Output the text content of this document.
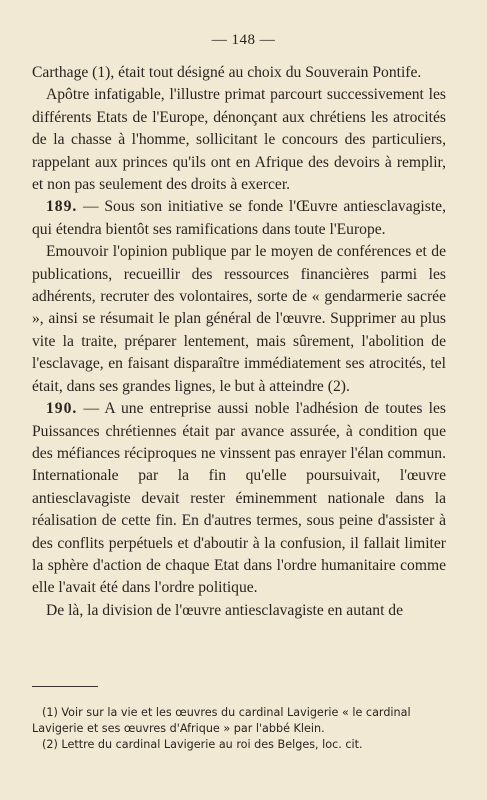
— 148 —

Carthage (1), était tout désigné au choix du Souverain Pontife.

Apôtre infatigable, l'illustre primat parcourt successivement les différents Etats de l'Europe, dénonçant aux chrétiens les atrocités de la chasse à l'homme, sollicitant le concours des particuliers, rappelant aux princes qu'ils ont en Afrique des devoirs à remplir, et non pas seulement des droits à exercer.

189. — Sous son initiative se fonde l'Œuvre antiesclavagiste, qui étendra bientôt ses ramifications dans toute l'Europe.

Emouvoir l'opinion publique par le moyen de conférences et de publications, recueillir des ressources financières parmi les adhérents, recruter des volontaires, sorte de « gendarmerie sacrée », ainsi se résumait le plan général de l'œuvre. Supprimer au plus vite la traite, préparer lentement, mais sûrement, l'abolition de l'esclavage, en faisant disparaître immédiatement ses atrocités, tel était, dans ses grandes lignes, le but à atteindre (2).

190. — A une entreprise aussi noble l'adhésion de toutes les Puissances chrétiennes était par avance assurée, à condition que des méfiances réciproques ne vinssent pas enrayer l'élan commun. Internationale par la fin qu'elle poursuivait, l'œuvre antiesclavagiste devait rester éminemment nationale dans la réalisation de cette fin. En d'autres termes, sous peine d'assister à des conflits perpétuels et d'aboutir à la confusion, il fallait limiter la sphère d'action de chaque Etat dans l'ordre humanitaire comme elle l'avait été dans l'ordre politique.

De là, la division de l'œuvre antiesclavagiste en autant de

(1) Voir sur la vie et les œuvres du cardinal Lavigerie « le cardinal
Lavigerie et ses œuvres d'Afrique » par l'abbé Klein.

(2) Lettre du cardinal Lavigerie au roi des Belges, loc. cit.
